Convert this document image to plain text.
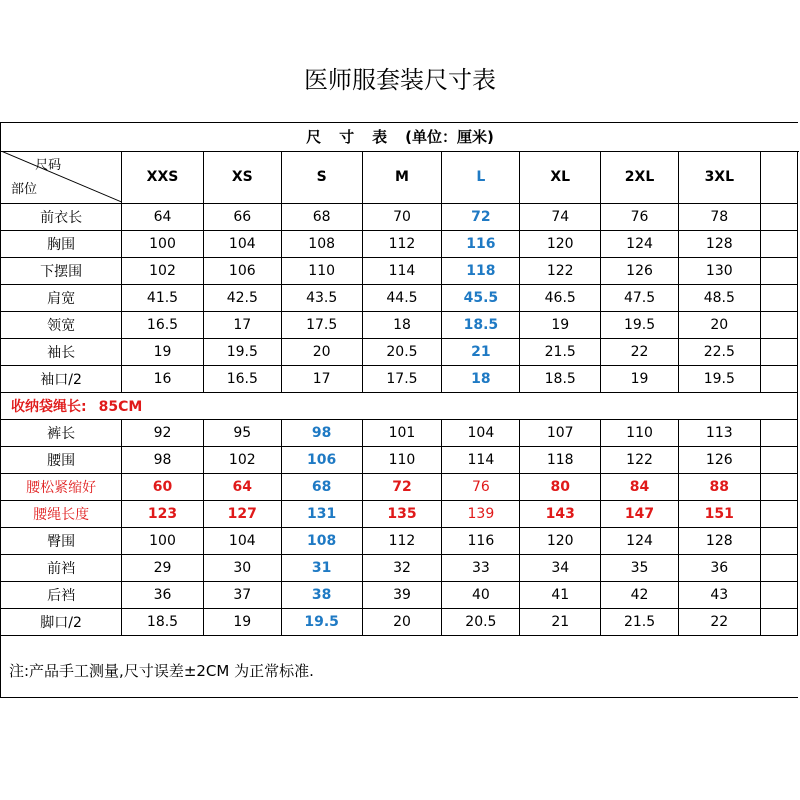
医师服套装尺寸表
尺 寸 表 (单位：厘米)
尺码
部位	XXS	XS	S	M	L	XL	2XL	3XL	
前衣长	64	66	68	70	72	74	76	78	
胸围	100	104	108	112	116	120	124	128	
下摆围	102	106	110	114	118	122	126	130	
肩宽	41.5	42.5	43.5	44.5	45.5	46.5	47.5	48.5	
领宽	16.5	17	17.5	18	18.5	19	19.5	20	
袖长	19	19.5	20	20.5	21	21.5	22	22.5	
袖口/2	16	16.5	17	17.5	18	18.5	19	19.5	
收纳袋绳长: 85CM									
裤长	92	95	98	101	104	107	110	113	
腰围	98	102	106	110	114	118	122	126	
腰松紧缩好	60	64	68	72	76	80	84	88	
腰绳长度	123	127	131	135	139	143	147	151	
臀围	100	104	108	112	116	120	124	128	
前裆	29	30	31	32	33	34	35	36	
后裆	36	37	38	39	40	41	42	43	
脚口/2	18.5	19	19.5	20	20.5	21	21.5	22	
注:产品手工测量,尺寸误差±2CM 为正常标准.
